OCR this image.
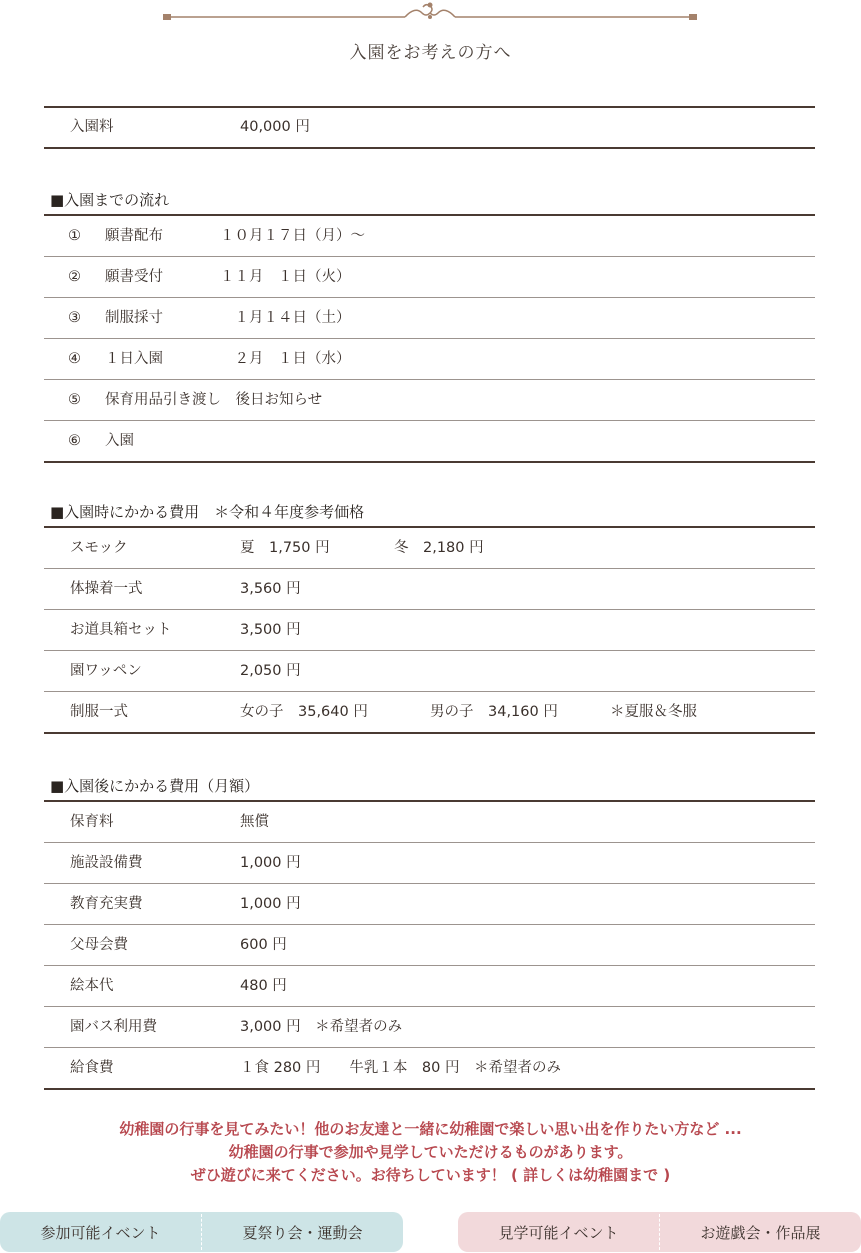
入園をお考えの方へ
入園料	40,000 円
■入園までの流れ
① 願書配布	１０月１７日（月）〜
② 願書受付	１１月　１日（火）
③ 制服採寸	　１月１４日（土）
④ １日入園	　２月　１日（水）
⑤ 保育用品引き渡し　後日お知らせ
⑥ 入園
■入園時にかかる費用　＊令和４年度参考価格
スモック	夏　1,750 円	冬　2,180 円
体操着一式	3,560 円
お道具箱セット	3,500 円
園ワッペン	2,050 円
制服一式	女の子　35,640 円	男の子　34,160 円	＊夏服＆冬服
■入園後にかかる費用（月額）
保育料	無償
施設設備費	1,000 円
教育充実費	1,000 円
父母会費	600 円
絵本代	480 円
園バス利用費	3,000 円　＊希望者のみ
給食費	１食 280 円　　牛乳１本　80 円　＊希望者のみ
幼稚園の行事を見てみたい！他のお友達と一緒に幼稚園で楽しい思い出を作りたい方など ...
幼稚園の行事で参加や見学していただけるものがあります。
ぜひ遊びに来てください。お待ちしています！ ( 詳しくは幼稚園まで )
参加可能イベント	夏祭り会・運動会	見学可能イベント	お遊戯会・作品展
